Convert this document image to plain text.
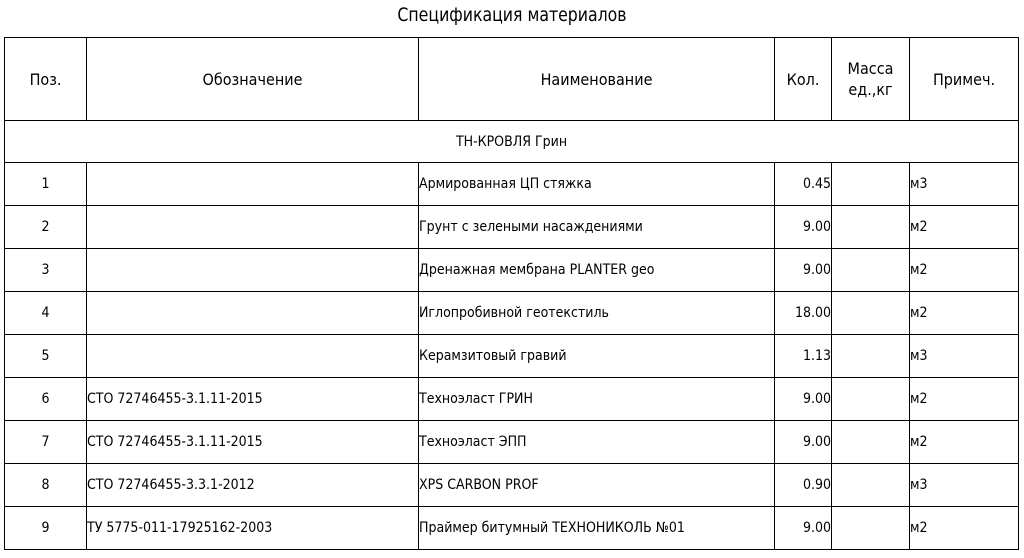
Спецификация материалов
Поз.	Обозначение	Наименование	Кол.	Масса ед.,кг	Примеч.
ТН-КРОВЛЯ Грин					
1		Армированная ЦП стяжка	0.45		м3
2		Грунт с зелеными насаждениями	9.00		м2
3		Дренажная мембрана PLANTER geo	9.00		м2
4		Иглопробивной геотекстиль	18.00		м2
5		Керамзитовый гравий	1.13		м3
6	СТО 72746455-3.1.11-2015	Техноэласт ГРИН	9.00		м2
7	СТО 72746455-3.1.11-2015	Техноэласт ЭПП	9.00		м2
8	СТО 72746455-3.3.1-2012	XPS CARBON PROF	0.90		м3
9	ТУ 5775-011-17925162-2003	Праймер битумный ТЕХНОНИКОЛЬ №01	9.00		м2
